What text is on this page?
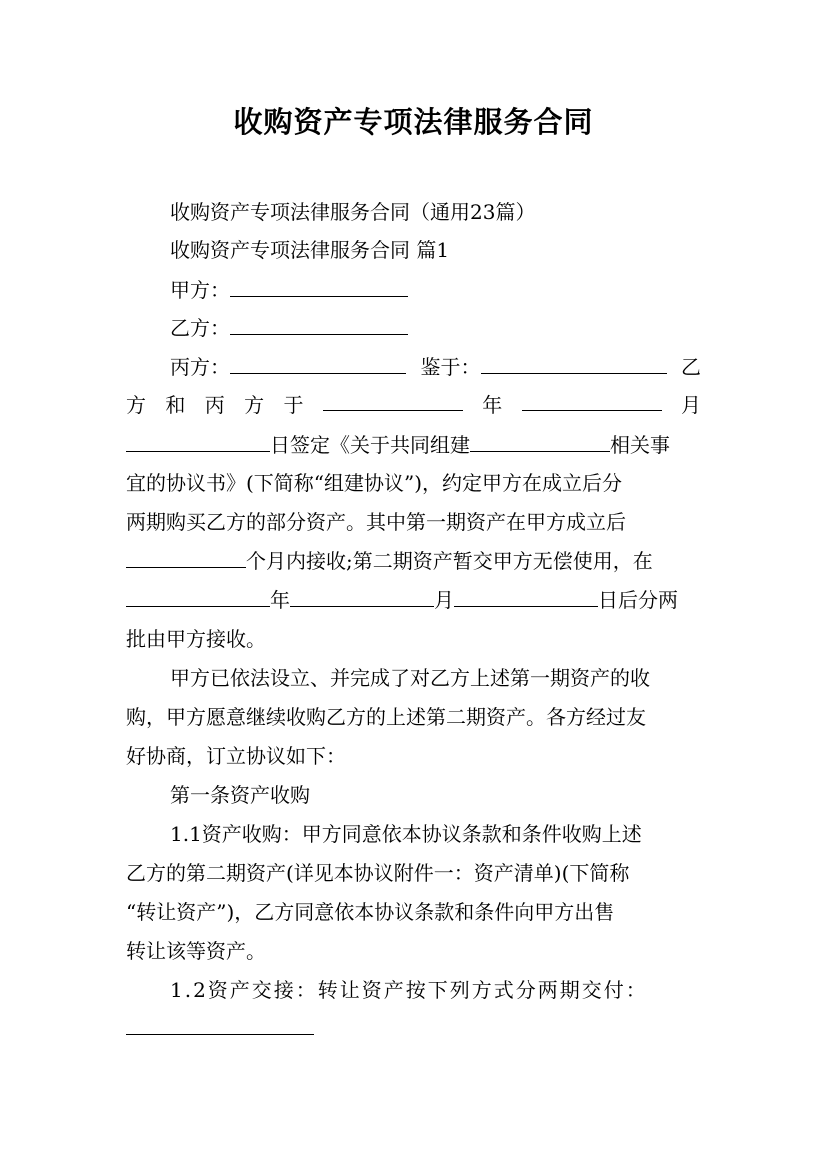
收购资产专项法律服务合同
收购资产专项法律服务合同（通用23篇）
收购资产专项法律服务合同 篇1
甲方：
乙方：
丙方：	鉴于：	乙
方 和 丙 方 于	年	月
日签定《关于共同组建	相关事
宜的协议书》(下简称“组建协议”)，约定甲方在成立后分
两期购买乙方的部分资产。其中第一期资产在甲方成立后
个月内接收;第二期资产暂交甲方无偿使用，在
年	月	日后分两
批由甲方接收。
甲方已依法设立、并完成了对乙方上述第一期资产的收
购，甲方愿意继续收购乙方的上述第二期资产。各方经过友
好协商，订立协议如下：
第一条资产收购
1.1资产收购：甲方同意依本协议条款和条件收购上述
乙方的第二期资产(详见本协议附件一：资产清单)(下简称
“转让资产”)，乙方同意依本协议条款和条件向甲方出售
转让该等资产。
1.2资产交接：转让资产按下列方式分两期交付：
